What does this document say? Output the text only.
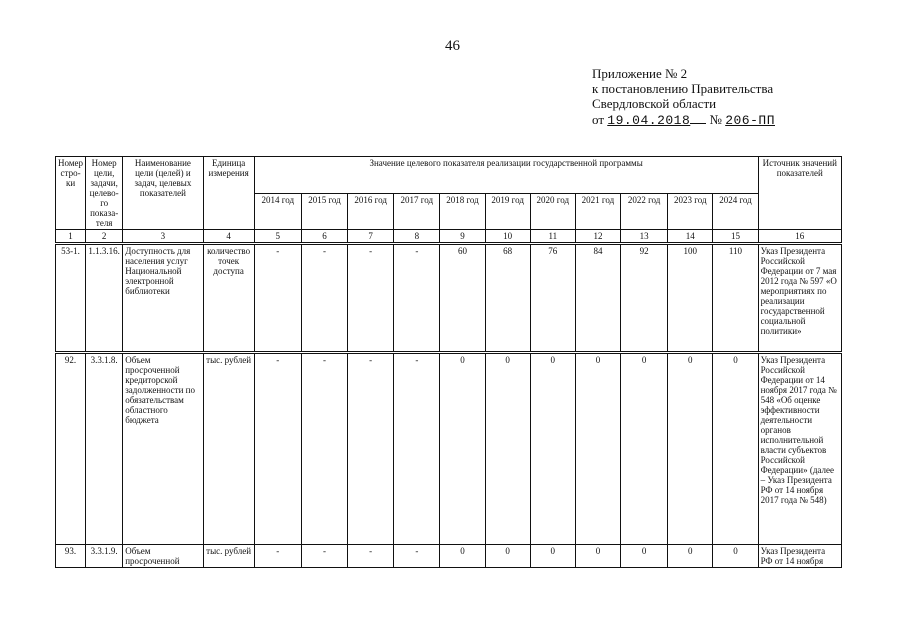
46
Приложение № 2
к постановлению Правительства
Свердловской области
от 19.04.2018 № 206-ПП
Номер стро-ки	Номер цели, задачи, целево-го показа-теля	Наименование цели (целей) и задач, целевых показателей	Единица измерения	Значение целевого показателя реализации государственной программы											Источник значений показателей
				2014 год	2015 год	2016 год	2017 год	2018 год	2019 год	2020 год	2021 год	2022 год	2023 год	2024 год	
1	2	3	4	5	6	7	8	9	10	11	12	13	14	15	16
53-1.	1.1.3.16.	Доступность для населения услуг Национальной электронной библиотеки	количество точек доступа	-	-	-	-	60	68	76	84	92	100	110	Указ Президента Российской Федерации от 7 мая 2012 года № 597 «О мероприятиях по реализации государственной социальной политики»
92.	3.3.1.8.	Объем просроченной кредиторской задолженности по обязательствам областного бюджета	тыс. рублей	-	-	-	-	0	0	0	0	0	0	0	Указ Президента Российской Федерации от 14 ноября 2017 года № 548 «Об оценке эффективности деятельности органов исполнительной власти субъектов Российской Федерации» (далее – Указ Президента РФ от 14 ноября 2017 года № 548)
93.	3.3.1.9.	Объем просроченной	тыс. рублей	-	-	-	-	0	0	0	0	0	0	0	Указ Президента РФ от 14 ноября
